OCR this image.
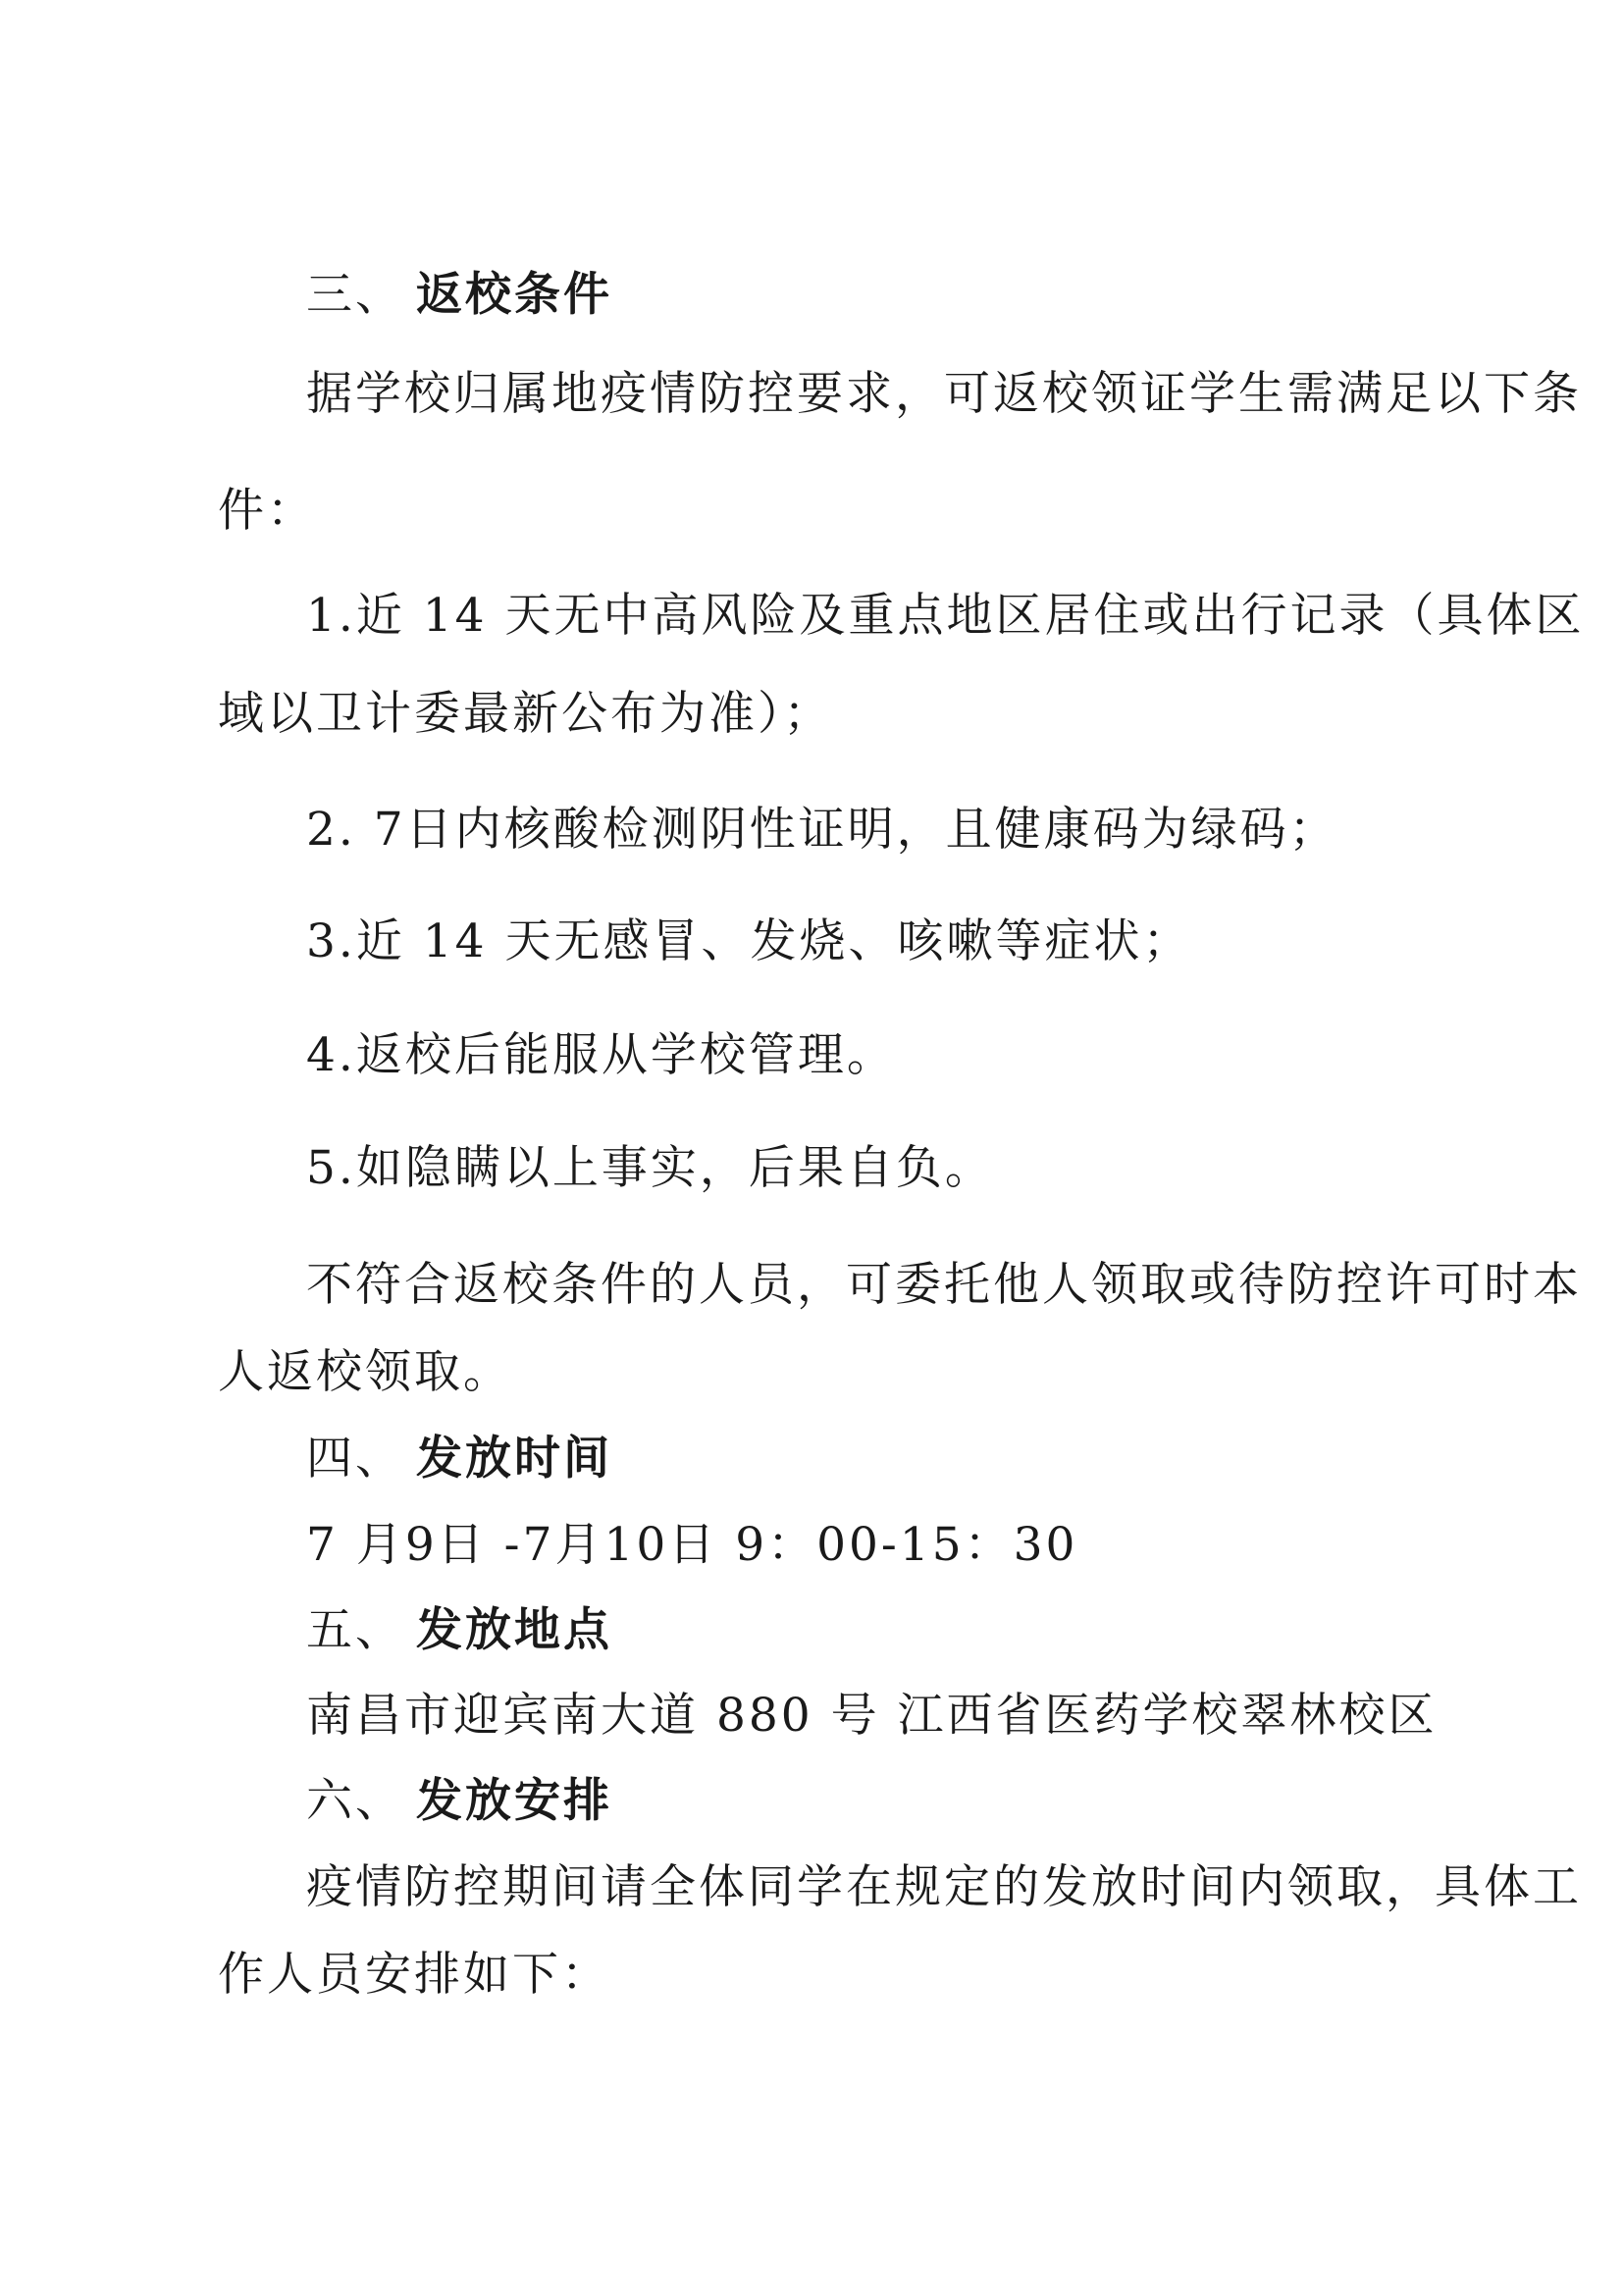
三、 返校条件
据学校归属地疫情防控要求，可返校领证学生需满足以下条
件：
1.近 14 天无中高风险及重点地区居住或出行记录（具体区
域以卫计委最新公布为准）；
2. 7日内核酸检测阴性证明，且健康码为绿码；
3.近 14 天无感冒、发烧、咳嗽等症状；
4.返校后能服从学校管理。
5.如隐瞒以上事实，后果自负。
不符合返校条件的人员，可委托他人领取或待防控许可时本
人返校领取。
四、 发放时间
7 月9日 -7月10日 9：00-15：30
五、 发放地点
南昌市迎宾南大道 880 号 江西省医药学校翠林校区
六、 发放安排
疫情防控期间请全体同学在规定的发放时间内领取，具体工
作人员安排如下：
